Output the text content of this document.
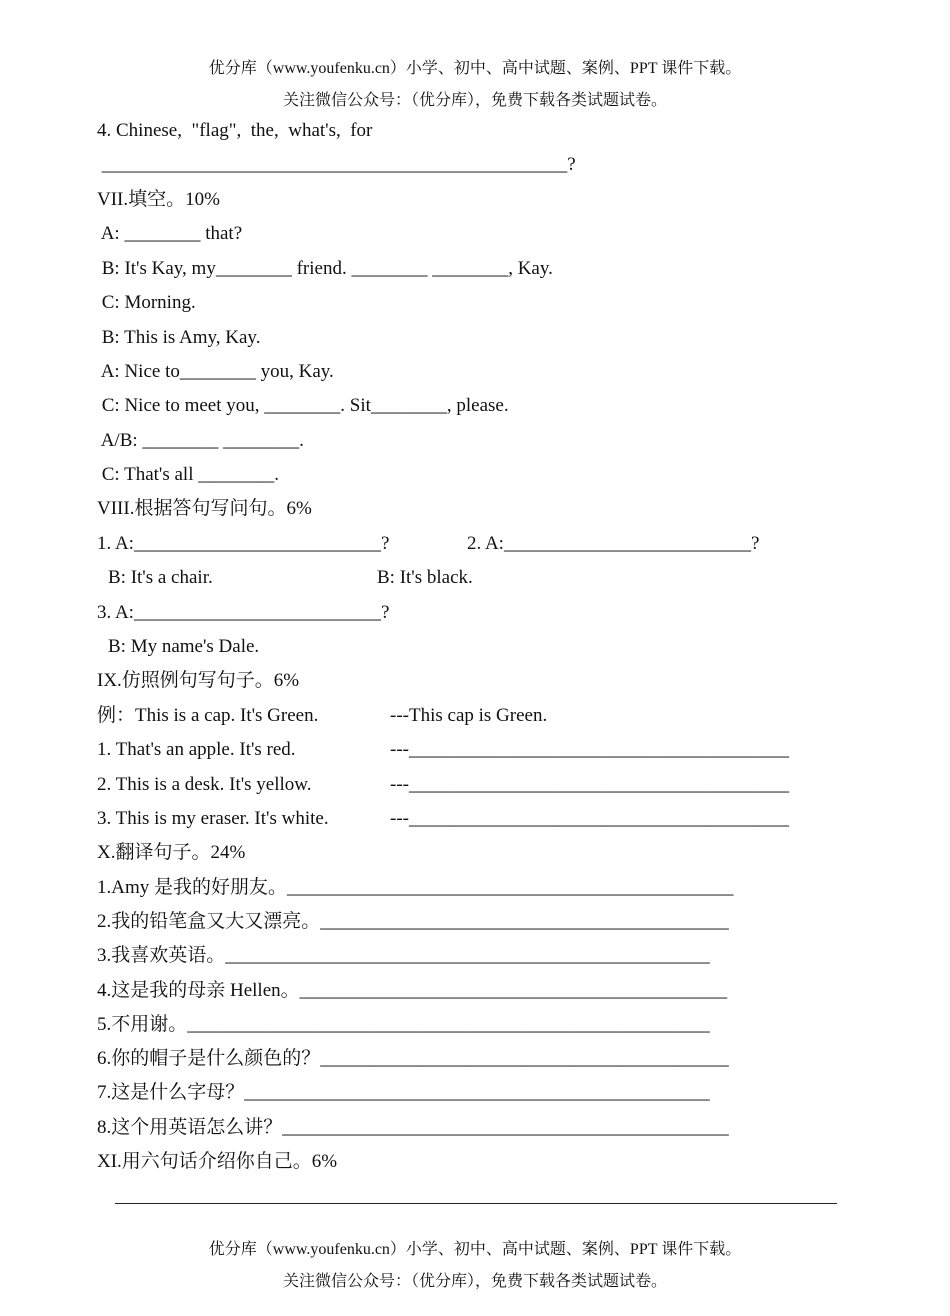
优分库（www.youfenku.cn）小学、初中、高中试题、案例、PPT 课件下载。
关注微信公众号：（优分库），免费下载各类试题试卷。
4. Chinese,  "flag",  the,  what's,  for
_________________________________________________?
VII.填空。10%
A: ________ that?
B: It's Kay, my________ friend. ________ ________, Kay.
C: Morning.
B: This is Amy, Kay.
A: Nice to________ you, Kay.
C: Nice to meet you, ________. Sit________, please.
A/B: ________ ________.
C: That's all ________.
VIII.根据答句写问句。6%
1. A:__________________________?	2. A:__________________________?
B: It's a chair.	B: It's black.
3. A:__________________________?
B: My name's Dale.
IX.仿照例句写句子。6%
例：This is a cap. It's Green.	---This cap is Green.
1. That's an apple. It's red.	---________________________________________
2. This is a desk. It's yellow.	---________________________________________
3. This is my eraser. It's white.	---________________________________________
X.翻译句子。24%
1.Amy 是我的好朋友。_______________________________________________
2.我的铅笔盒又大又漂亮。___________________________________________
3.我喜欢英语。___________________________________________________
4.这是我的母亲 Hellen。_____________________________________________
5.不用谢。_______________________________________________________
6.你的帽子是什么颜色的？___________________________________________
7.这是什么字母？_________________________________________________
8.这个用英语怎么讲？_______________________________________________
XI.用六句话介绍你自己。6%
优分库（www.youfenku.cn）小学、初中、高中试题、案例、PPT 课件下载。
关注微信公众号：（优分库），免费下载各类试题试卷。
